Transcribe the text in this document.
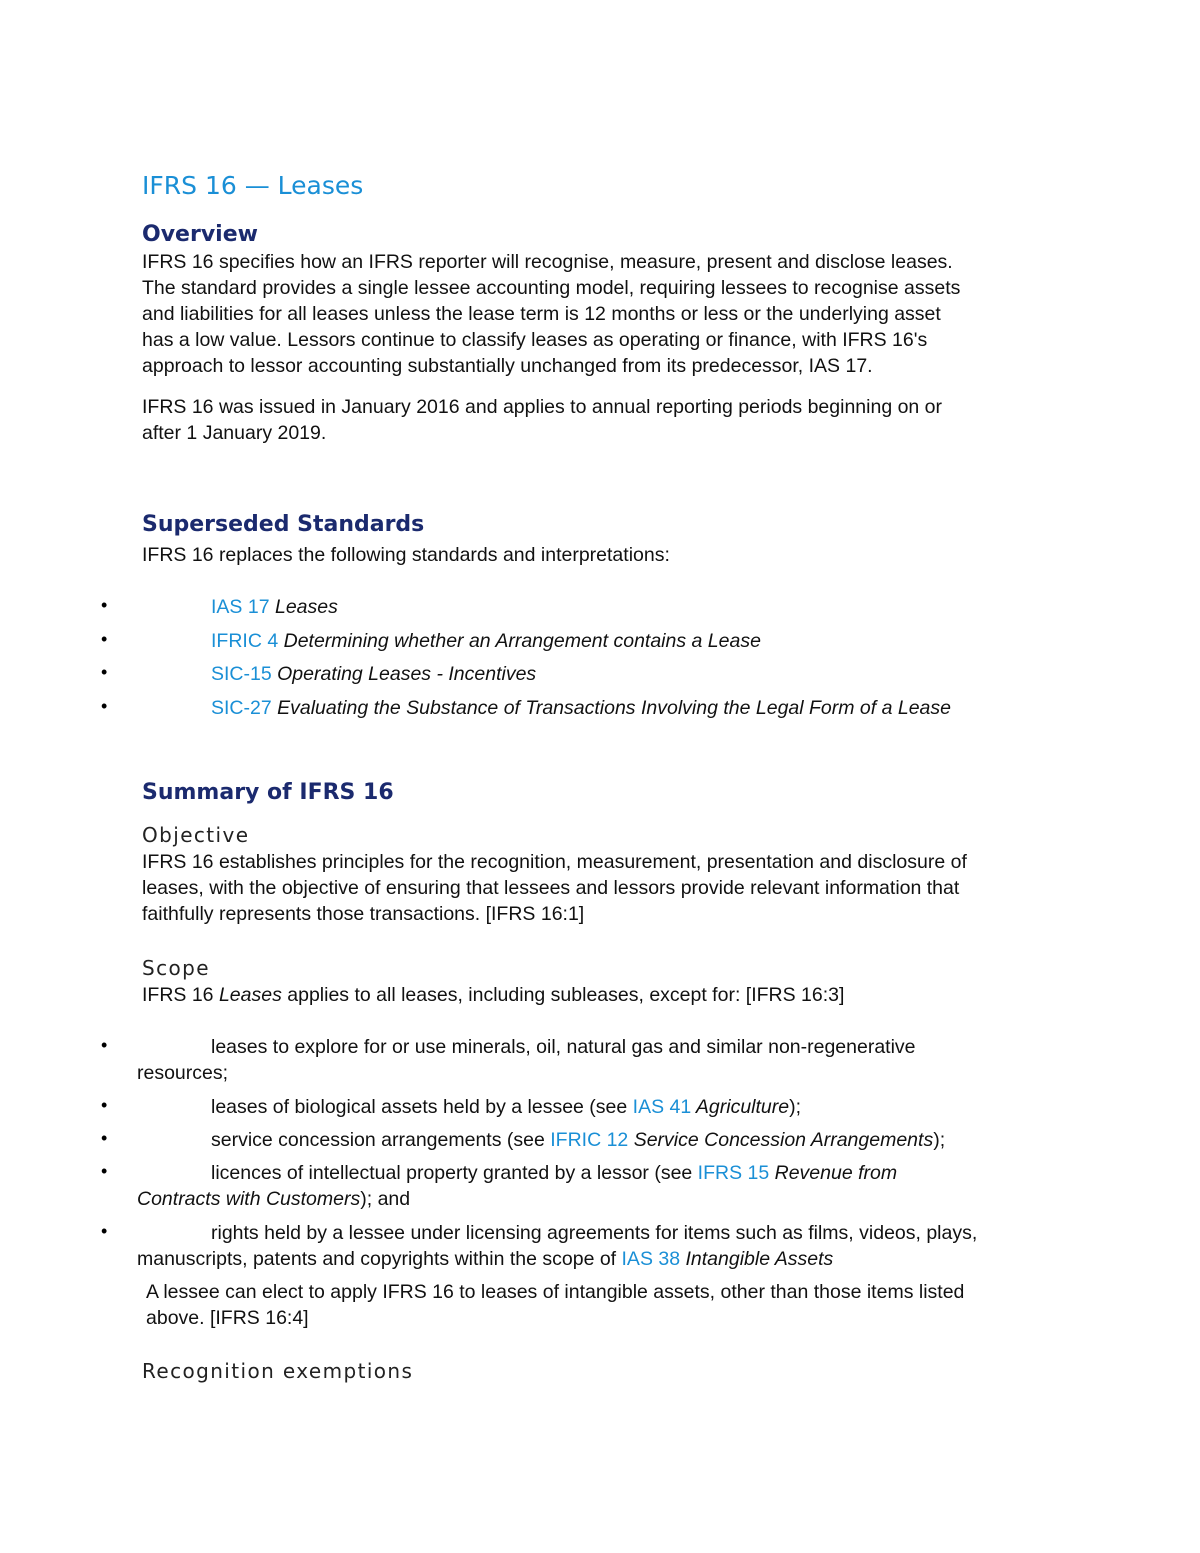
IFRS 16 — Leases
Overview
IFRS 16 specifies how an IFRS reporter will recognise, measure, present and disclose leases. The standard provides a single lessee accounting model, requiring lessees to recognise assets and liabilities for all leases unless the lease term is 12 months or less or the underlying asset has a low value. Lessors continue to classify leases as operating or finance, with IFRS 16's approach to lessor accounting substantially unchanged from its predecessor, IAS 17.
IFRS 16 was issued in January 2016 and applies to annual reporting periods beginning on or after 1 January 2019.
Superseded Standards
IFRS 16 replaces the following standards and interpretations:
•	IAS 17 Leases
•	IFRIC 4 Determining whether an Arrangement contains a Lease
•	SIC-15 Operating Leases - Incentives
•	SIC-27 Evaluating the Substance of Transactions Involving the Legal Form of a Lease
Summary of IFRS 16
Objective
IFRS 16 establishes principles for the recognition, measurement, presentation and disclosure of leases, with the objective of ensuring that lessees and lessors provide relevant information that faithfully represents those transactions. [IFRS 16:1]
Scope
IFRS 16 Leases applies to all leases, including subleases, except for: [IFRS 16:3]
•	leases to explore for or use minerals, oil, natural gas and similar non-regenerative
resources;
•	leases of biological assets held by a lessee (see IAS 41 Agriculture);
•	service concession arrangements (see IFRIC 12 Service Concession Arrangements);
•	licences of intellectual property granted by a lessor (see IFRS 15 Revenue from
Contracts with Customers); and
•	rights held by a lessee under licensing agreements for items such as films, videos, plays,
manuscripts, patents and copyrights within the scope of IAS 38 Intangible Assets
A lessee can elect to apply IFRS 16 to leases of intangible assets, other than those items listed
above. [IFRS 16:4]
Recognition exemptions
